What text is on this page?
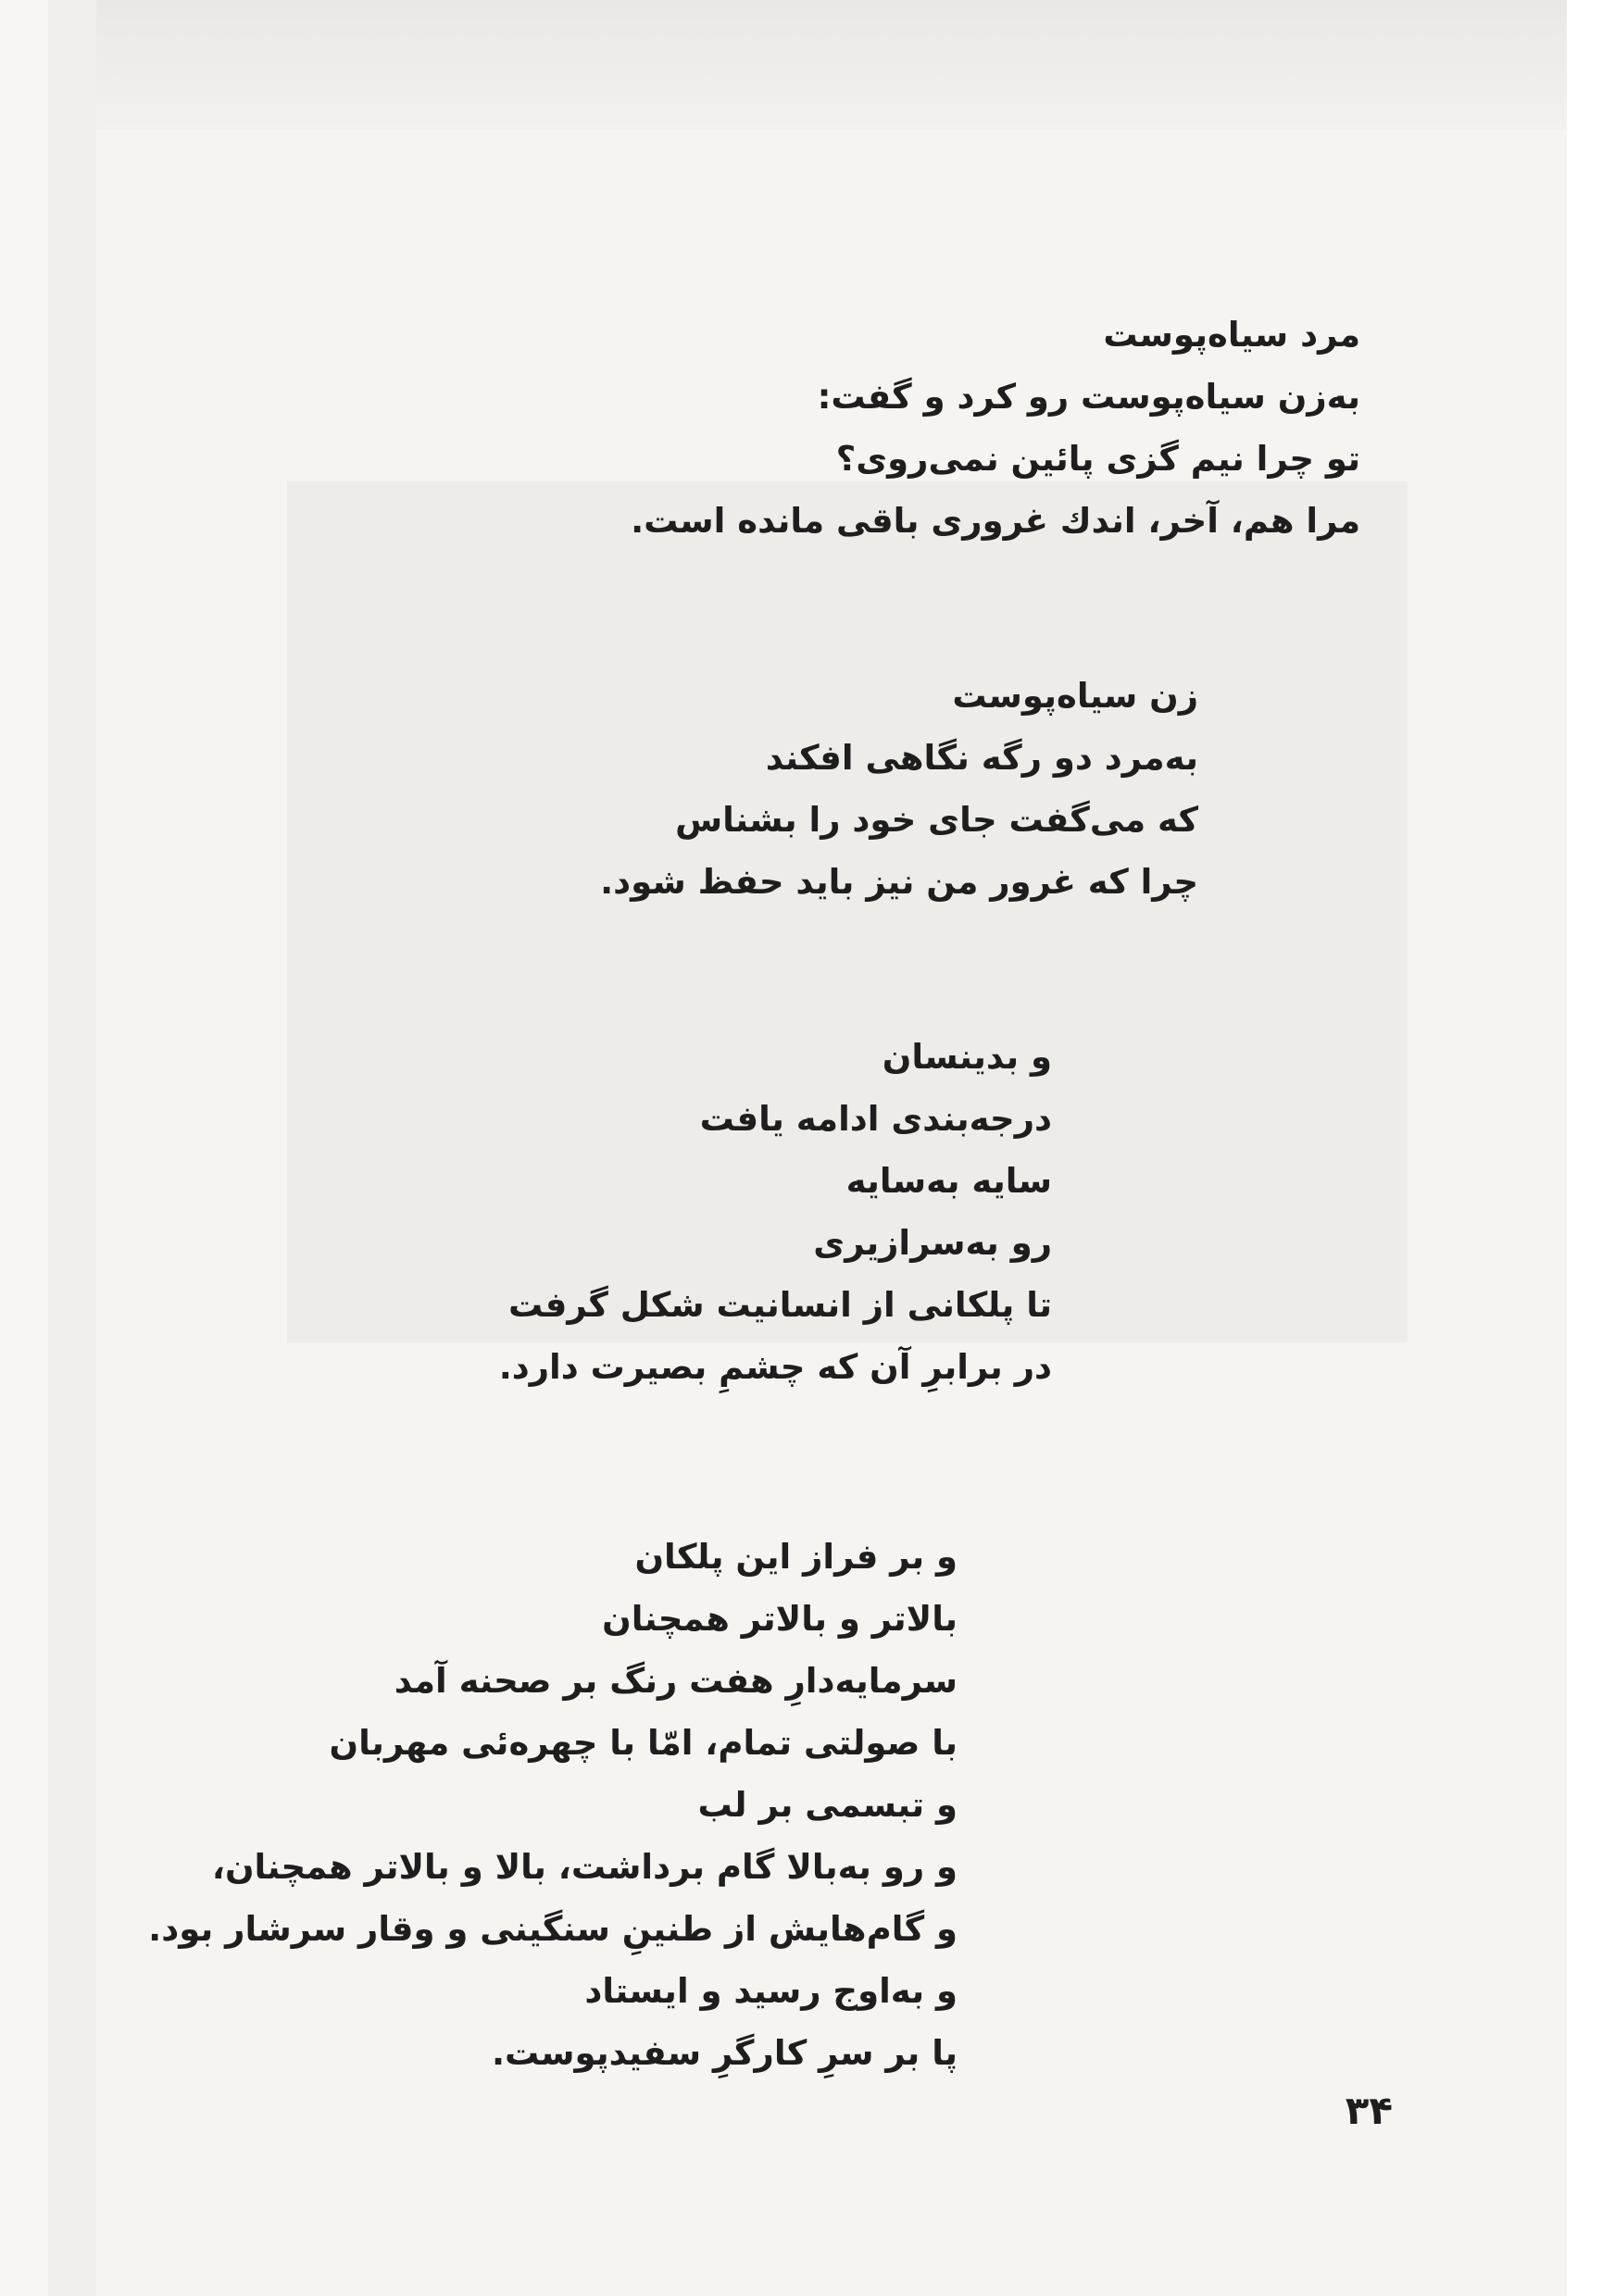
مرد سیاه‌پوست
به‌زن سیاه‌پوست رو کرد و گفت:
تو چرا نیم گزی پائین نمی‌روی؟
مرا هم، آخر، اندك غروری باقی مانده است.
زن سیاه‌پوست
به‌مرد دو رگه نگاهی افکند
که می‌گفت جای خود را بشناس
چرا که غرور من نیز باید حفظ شود.
و بدینسان
درجه‌بندی ادامه یافت
سایه به‌سایه
رو به‌سرازیری
تا پلکانی از انسانیت شکل گرفت
در برابرِ آن که چشمِ بصیرت دارد.
و بر فراز این پلکان
بالاتر و بالاتر همچنان
سرمایه‌دارِ هفت رنگ بر صحنه آمد
با صولتی تمام، امّا با چهره‌ئی مهربان
و تبسمی بر لب
و رو به‌بالا گام برداشت، بالا و بالاتر همچنان،
و گام‌هایش از طنینِ سنگینی و وقار سرشار بود.
و به‌اوج رسید و ایستاد
پا بر سرِ کارگرِ سفیدپوست.
۳۴
